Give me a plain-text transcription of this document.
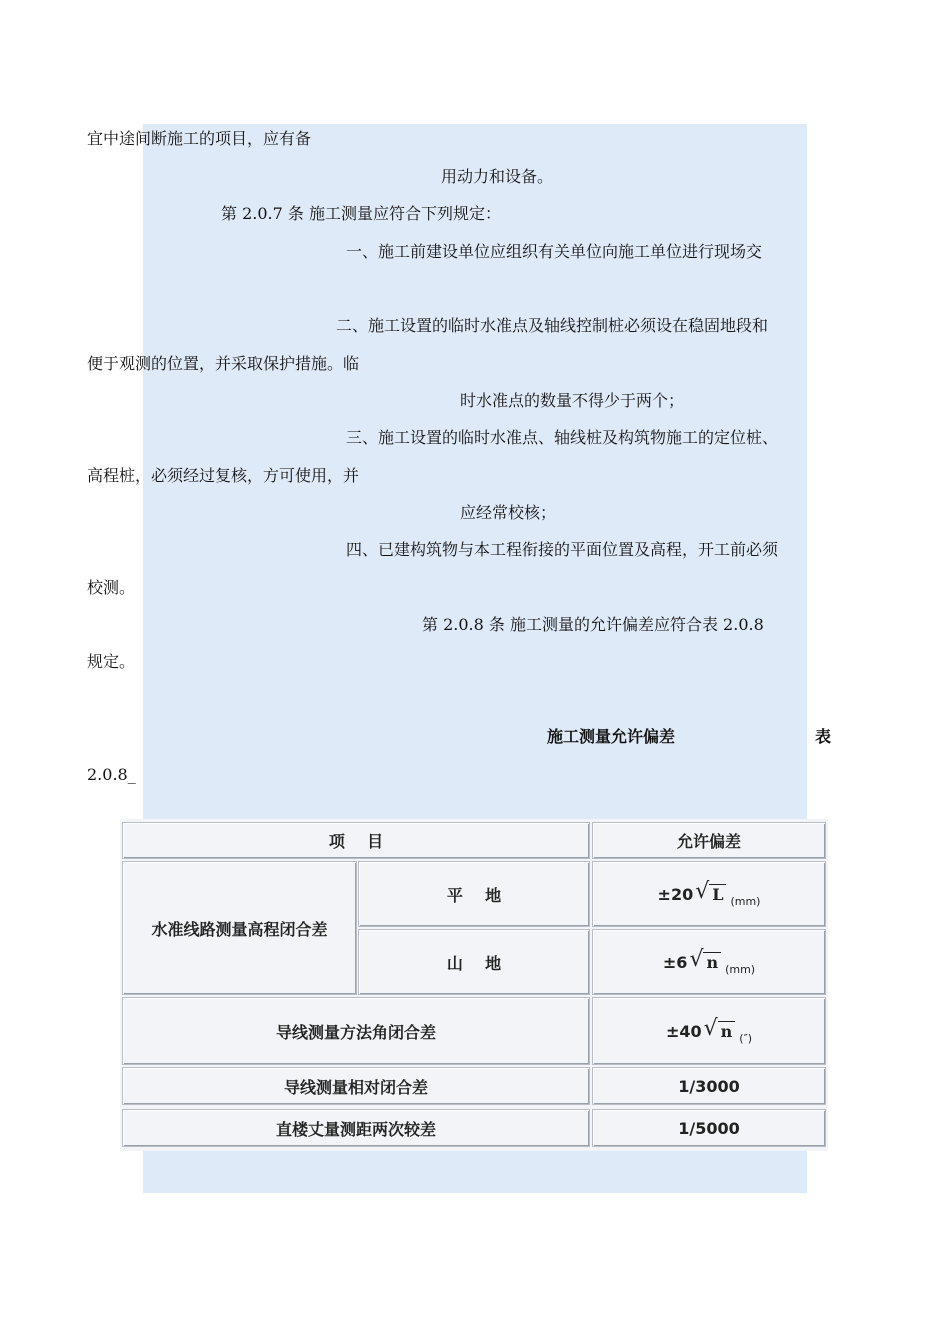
宜中途间断施工的项目，应有备
用动力和设备。
第 2.0.7 条 施工测量应符合下列规定：
一、施工前建设单位应组织有关单位向施工单位进行现场交
二、施工设置的临时水准点及轴线控制桩必须设在稳固地段和
便于观测的位置，并采取保护措施。临
时水准点的数量不得少于两个；
三、施工设置的临时水准点、轴线桩及构筑物施工的定位桩、
高程桩，必须经过复核，方可使用，并
应经常校核；
四、已建构筑物与本工程衔接的平面位置及高程，开工前必须
校测。
第 2.0.8 条 施工测量的允许偏差应符合表 2.0.8
规定。
施工测量允许偏差	表
2.0.8_
项    目	允许偏差
水准线路测量高程闭合差
平    地	±20 √ L $_{(mm)}$
山    地	±6 √ n $_{(mm)}$
导线测量方法角闭合差	±40 √ n $_{('')}$
导线测量相对闭合差	1/3000
直楼丈量测距两次较差	1/5000
